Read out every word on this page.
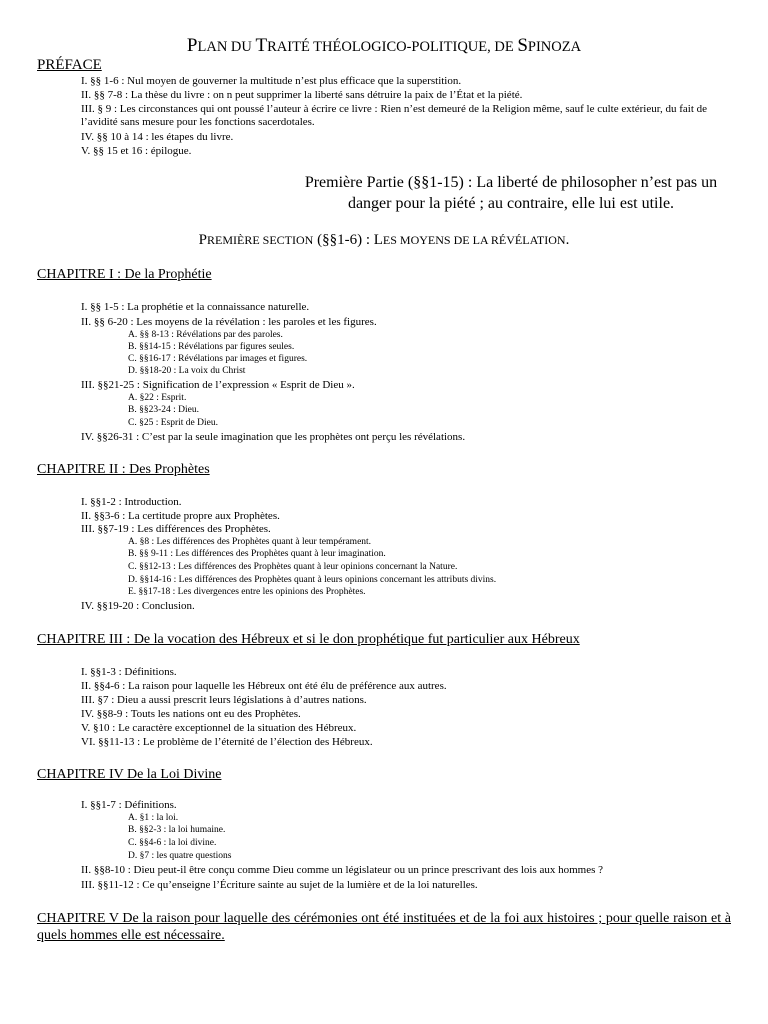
PLAN DU TRAITÉ THÉOLOGICO-POLITIQUE, DE SPINOZA
PRÉFACE
I. §§ 1-6 : Nul moyen de gouverner la multitude n’est plus efficace que la superstition.
II. §§ 7-8 : La thèse du livre : on n peut supprimer la liberté sans détruire la paix de l’État et la piété.
III. § 9 : Les circonstances qui ont poussé l’auteur à écrire ce livre : Rien n’est demeuré de la Religion même, sauf le culte extérieur, du fait de l’avidité sans mesure pour les fonctions sacerdotales.
IV. §§ 10 à 14 : les étapes du livre.
V. §§ 15 et 16 : épilogue.
Première Partie (§§1-15) : La liberté de philosopher n’est pas un danger pour la piété ; au contraire, elle lui est utile.
PREMIÈRE SECTION (§§1-6) : LES MOYENS DE LA RÉVÉLATION.
CHAPITRE I : De la Prophétie
I. §§ 1-5 : La prophétie et la connaissance naturelle.
II. §§ 6-20 : Les moyens de la révélation : les paroles et les figures.
A. §§ 8-13 : Révélations par des paroles.
B. §§14-15 : Révélations par figures seules.
C. §§16-17 : Révélations par images et figures.
D. §§18-20 : La voix du Christ
III. §§21-25 : Signification de l’expression « Esprit de Dieu ».
A. §22 : Esprit.
B. §§23-24 : Dieu.
C. §25 : Esprit de Dieu.
IV. §§26-31 : C’est par la seule imagination que les prophètes ont perçu les révélations.
CHAPITRE II : Des Prophètes
I. §§1-2 : Introduction.
II. §§3-6 : La certitude propre aux Prophètes.
III. §§7-19 : Les différences des Prophètes.
A. §8 : Les différences des Prophètes quant à leur tempérament.
B. §§ 9-11 : Les différences des Prophètes quant à leur imagination.
C. §§12-13 : Les différences des Prophètes quant à leur opinions concernant la Nature.
D. §§14-16 : Les différences des Prophètes quant à leurs opinions concernant les attributs divins.
E. §§17-18 : Les divergences entre les opinions des Prophètes.
IV. §§19-20 : Conclusion.
CHAPITRE III : De la vocation des Hébreux et si le don prophétique fut particulier aux Hébreux
I. §§1-3 : Définitions.
II. §§4-6 : La raison pour laquelle les Hébreux ont été élu de préférence aux autres.
III. §7 : Dieu a aussi prescrit leurs législations à d’autres nations.
IV. §§8-9 : Touts les nations ont eu des Prophètes.
V. §10 : Le caractère exceptionnel de la situation des Hébreux.
VI. §§11-13 : Le problème de l’éternité de l’élection des Hébreux.
CHAPITRE IV De la Loi Divine
I. §§1-7 : Définitions.
A. §1 : la loi.
B. §§2-3 : la loi humaine.
C. §§4-6 : la loi divine.
D. §7 : les quatre questions
II. §§8-10 : Dieu peut-il être conçu comme Dieu comme un législateur ou un prince prescrivant des lois aux hommes ?
III. §§11-12 : Ce qu’enseigne l’Écriture sainte au sujet de la lumière et de la loi naturelles.
CHAPITRE V De la raison pour laquelle des cérémonies ont été instituées et de la foi aux histoires ; pour quelle raison et à quels hommes elle est nécessaire.
